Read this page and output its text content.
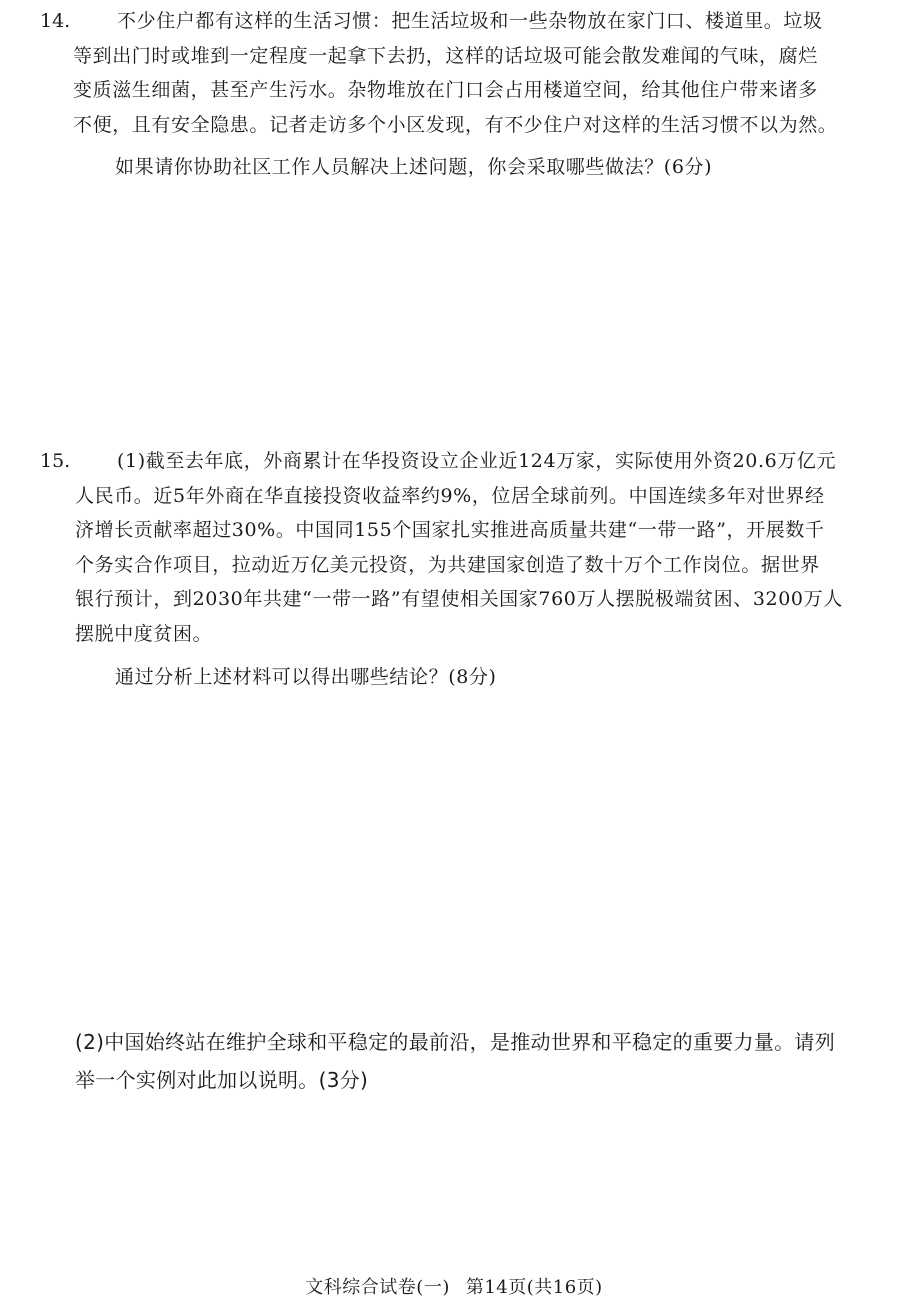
14.	不少住户都有这样的生活习惯：把生活垃圾和一些杂物放在家门口、楼道里。垃圾
等到出门时或堆到一定程度一起拿下去扔，这样的话垃圾可能会散发难闻的气味，腐烂
变质滋生细菌，甚至产生污水。杂物堆放在门口会占用楼道空间，给其他住户带来诸多
不便，且有安全隐患。记者走访多个小区发现，有不少住户对这样的生活习惯不以为然。
如果请你协助社区工作人员解决上述问题，你会采取哪些做法？(6分)
15.	(1)截至去年底，外商累计在华投资设立企业近124万家，实际使用外资20.6万亿元
人民币。近5年外商在华直接投资收益率约9%，位居全球前列。中国连续多年对世界经
济增长贡献率超过30%。中国同155个国家扎实推进高质量共建“一带一路”，开展数千
个务实合作项目，拉动近万亿美元投资，为共建国家创造了数十万个工作岗位。据世界
银行预计，到2030年共建“一带一路”有望使相关国家760万人摆脱极端贫困、3200万人
摆脱中度贫困。
通过分析上述材料可以得出哪些结论？(8分)
(2)中国始终站在维护全球和平稳定的最前沿，是推动世界和平稳定的重要力量。请列
举一个实例对此加以说明。(3分)
文科综合试卷(一) 第14页(共16页)
